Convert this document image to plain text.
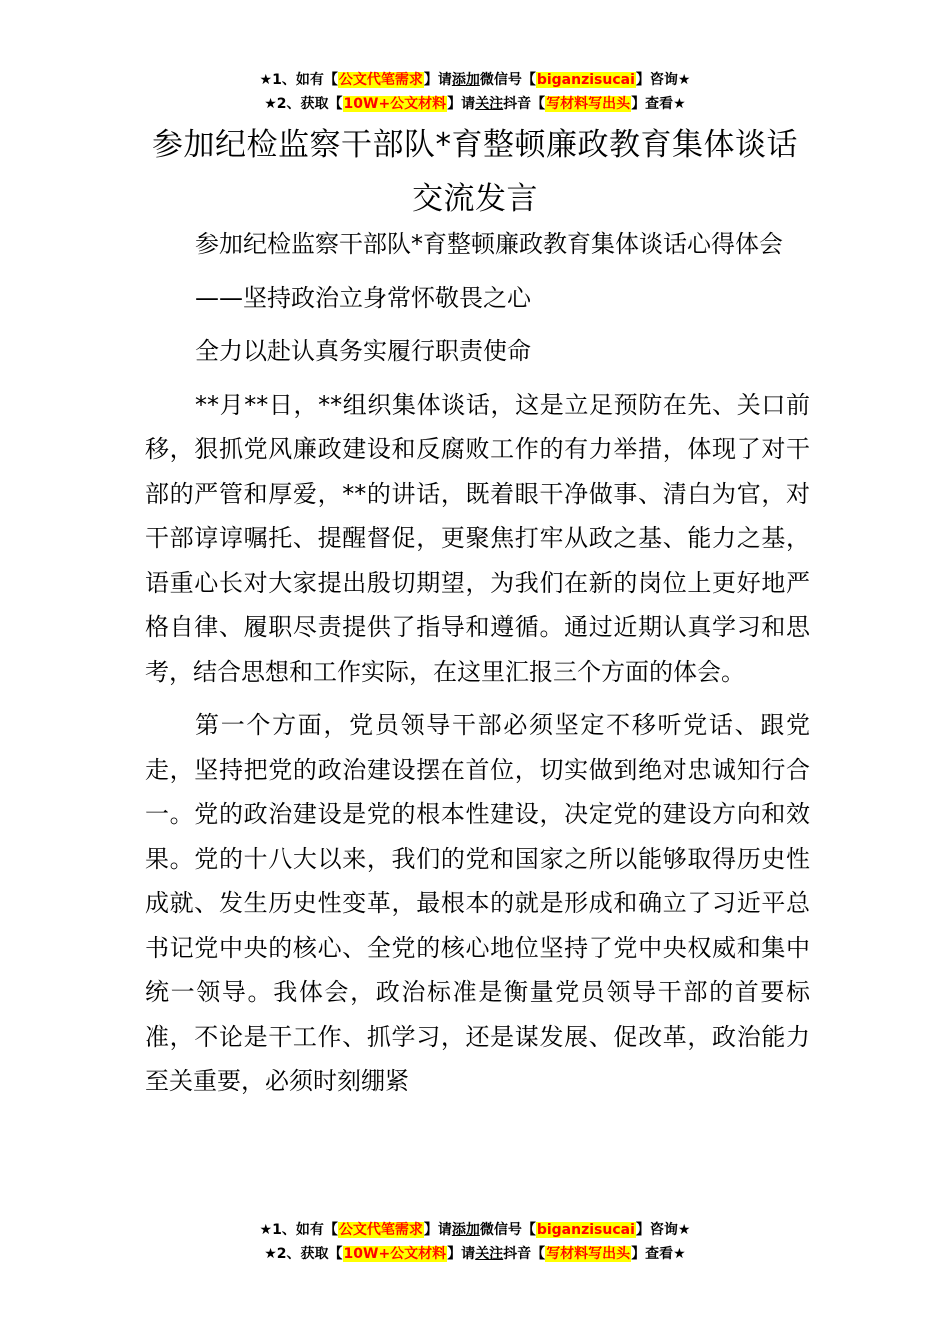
★1、如有【公文代笔需求】请添加微信号【biganzisucai】咨询★
★2、获取【10W+公文材料】请关注抖音【写材料写出头】查看★
参加纪检监察干部队*育整顿廉政教育集体谈话交流发言

参加纪检监察干部队*育整顿廉政教育集体谈话心得体会

——坚持政治立身常怀敬畏之心

全力以赴认真务实履行职责使命

**月**日，**组织集体谈话，这是立足预防在先、关口前移，狠抓党风廉政建设和反腐败工作的有力举措，体现了对干部的严管和厚爱，**的讲话，既着眼干净做事、清白为官，对干部谆谆嘱托、提醒督促，更聚焦打牢从政之基、能力之基，语重心长对大家提出殷切期望，为我们在新的岗位上更好地严格自律、履职尽责提供了指导和遵循。通过近期认真学习和思考，结合思想和工作实际，在这里汇报三个方面的体会。

第一个方面，党员领导干部必须坚定不移听党话、跟党走，坚持把党的政治建设摆在首位，切实做到绝对忠诚知行合一。党的政治建设是党的根本性建设，决定党的建设方向和效果。党的十八大以来，我们的党和国家之所以能够取得历史性成就、发生历史性变革，最根本的就是形成和确立了习近平总书记党中央的核心、全党的核心地位坚持了党中央权威和集中统一领导。我体会，政治标准是衡量党员领导干部的首要标准，不论是干工作、抓学习，还是谋发展、促改革，政治能力至关重要，必须时刻绷紧

★1、如有【公文代笔需求】请添加微信号【biganzisucai】咨询★
★2、获取【10W+公文材料】请关注抖音【写材料写出头】查看★
